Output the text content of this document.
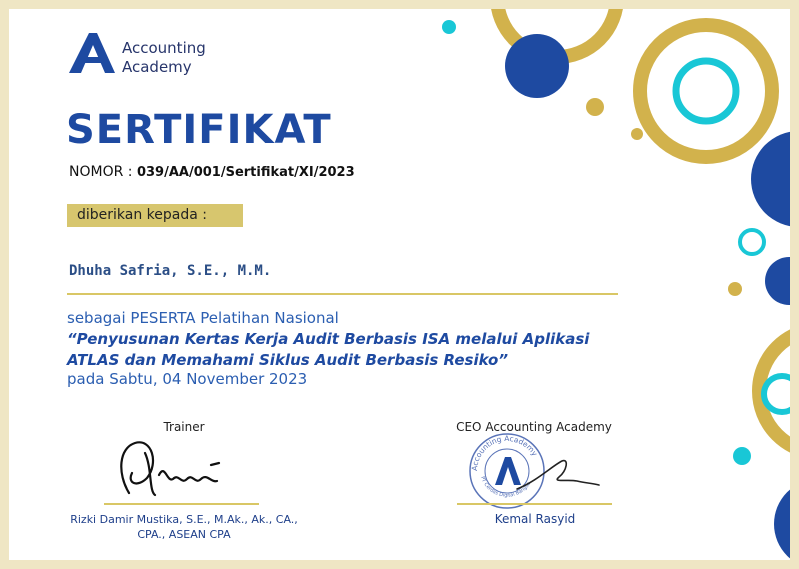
Accounting
Academy
SERTIFIKAT
NOMOR : 039/AA/001/Sertifikat/XI/2023
diberikan kepada :
Dhuha Safria, S.E., M.M.
sebagai PESERTA Pelatihan Nasional
“Penyusunan Kertas Kerja Audit Berbasis ISA melalui Aplikasi ATLAS dan Memahami Siklus Audit Berbasis Resiko”
pada Sabtu, 04 November 2023
Trainer
Rizki Damir Mustika, S.E., M.Ak., Ak., CA.,
CPA., ASEAN CPA
CEO Accounting Academy
Accounting Academy
PT Cerdas Digital Bangsa
Kemal Rasyid
